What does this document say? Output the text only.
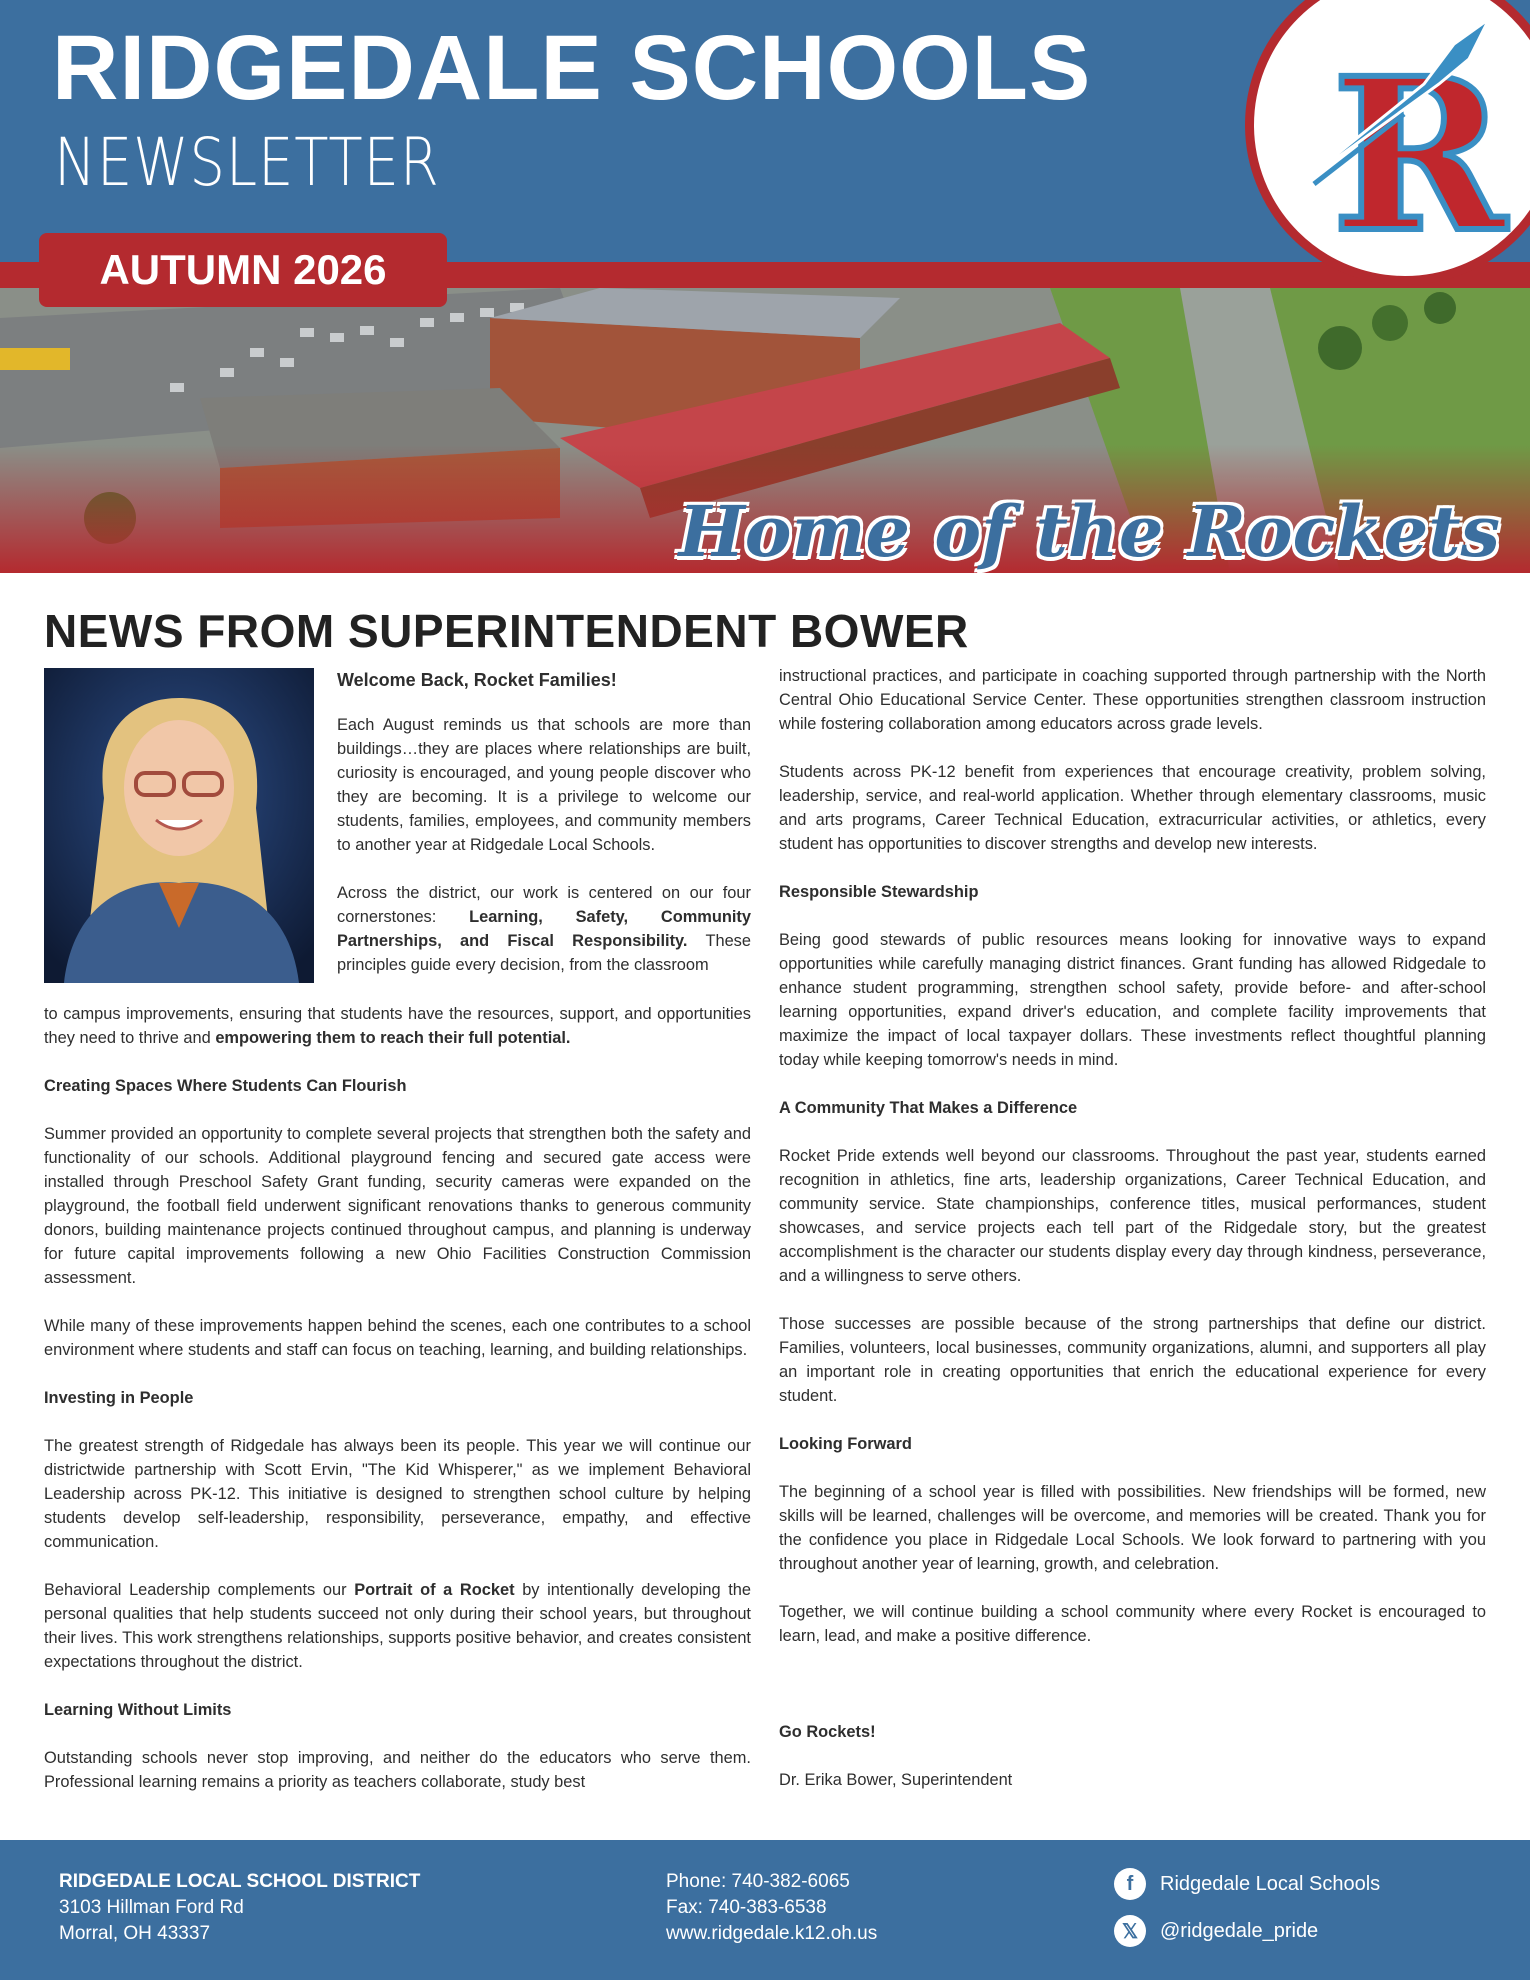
RIDGEDALE SCHOOLS
NEWSLETTER
AUTUMN 2026	R
Home of the Rockets
NEWS FROM SUPERINTENDENT BOWER
Welcome Back, Rocket Families!

Each August reminds us that schools are more than buildings…they are places where relationships are built, curiosity is encouraged, and young people discover who they are becoming. It is a privilege to welcome our students, families, employees, and community members to another year at Ridgedale Local Schools.

Across the district, our work is centered on our four cornerstones: Learning, Safety, Community Partnerships, and Fiscal Responsibility. These principles guide every decision, from the classroom

to campus improvements, ensuring that students have the resources, support, and opportunities they need to thrive and empowering them to reach their full potential.

Creating Spaces Where Students Can Flourish

Summer provided an opportunity to complete several projects that strengthen both the safety and functionality of our schools. Additional playground fencing and secured gate access were installed through Preschool Safety Grant funding, security cameras were expanded on the playground, the football field underwent significant renovations thanks to generous community donors, building maintenance projects continued throughout campus, and planning is underway for future capital improvements following a new Ohio Facilities Construction Commission assessment.

While many of these improvements happen behind the scenes, each one contributes to a school environment where students and staff can focus on teaching, learning, and building relationships.

Investing in People

The greatest strength of Ridgedale has always been its people. This year we will continue our districtwide partnership with Scott Ervin, "The Kid Whisperer," as we implement Behavioral Leadership across PK-12. This initiative is designed to strengthen school culture by helping students develop self-leadership, responsibility, perseverance, empathy, and effective communication.

Behavioral Leadership complements our Portrait of a Rocket by intentionally developing the personal qualities that help students succeed not only during their school years, but throughout their lives. This work strengthens relationships, supports positive behavior, and creates consistent expectations throughout the district.

Learning Without Limits

Outstanding schools never stop improving, and neither do the educators who serve them. Professional learning remains a priority as teachers collaborate, study best

instructional practices, and participate in coaching supported through partnership with the North Central Ohio Educational Service Center. These opportunities strengthen classroom instruction while fostering collaboration among educators across grade levels.

Students across PK-12 benefit from experiences that encourage creativity, problem solving, leadership, service, and real-world application. Whether through elementary classrooms, music and arts programs, Career Technical Education, extracurricular activities, or athletics, every student has opportunities to discover strengths and develop new interests.

Responsible Stewardship

Being good stewards of public resources means looking for innovative ways to expand opportunities while carefully managing district finances. Grant funding has allowed Ridgedale to enhance student programming, strengthen school safety, provide before- and after-school learning opportunities, expand driver's education, and complete facility improvements that maximize the impact of local taxpayer dollars. These investments reflect thoughtful planning today while keeping tomorrow's needs in mind.

A Community That Makes a Difference

Rocket Pride extends well beyond our classrooms. Throughout the past year, students earned recognition in athletics, fine arts, leadership organizations, Career Technical Education, and community service. State championships, conference titles, musical performances, student showcases, and service projects each tell part of the Ridgedale story, but the greatest accomplishment is the character our students display every day through kindness, perseverance, and a willingness to serve others.

Those successes are possible because of the strong partnerships that define our district. Families, volunteers, local businesses, community organizations, alumni, and supporters all play an important role in creating opportunities that enrich the educational experience for every student.

Looking Forward

The beginning of a school year is filled with possibilities. New friendships will be formed, new skills will be learned, challenges will be overcome, and memories will be created. Thank you for the confidence you place in Ridgedale Local Schools. We look forward to partnering with you throughout another year of learning, growth, and celebration.

Together, we will continue building a school community where every Rocket is encouraged to learn, lead, and make a positive difference.

Go Rockets!
Dr. Erika Bower, Superintendent
RIDGEDALE LOCAL SCHOOL DISTRICT
3103 Hillman Ford Rd
Morral, OH 43337
Phone: 740-382-6065
Fax: 740-383-6538
www.ridgedale.k12.oh.us
f	Ridgedale Local Schools
𝕏	@ridgedale_pride
